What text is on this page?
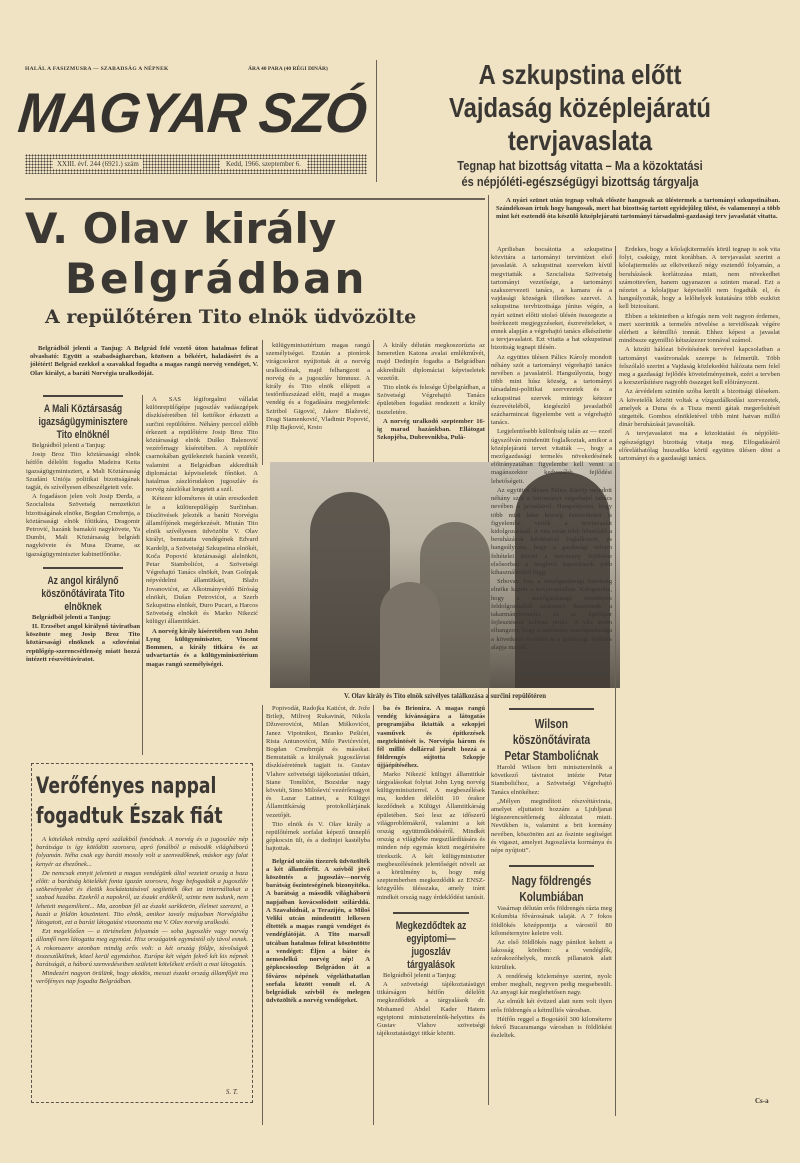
HALÁL A FASIZMUSRA — SZABADSÁG A NÉPNEK	ÁRA 40 PARA (40 RÉGI DINÁR)
MAGYAR SZÓ
XXIII. évf. 244 (6921.) szám	Kedd, 1966. szeptember 6.
A szkupstina előtt
Vajdaság középlejáratú
tervjavaslata
Tegnap hat bizottság vitatta – Ma a közoktatási
és népjóléti-egészségügyi bizottság tárgyalja
V. Olav király
Belgrádban
A repülőtéren Tito elnök üdvözölte
Belgrádból jelenti a Tanjug: A Belgrád felé vezető úton hatalmas felirat olvasható: Együtt a szabadságharcban, közösen a békéért, haladásért és a jólétért! Belgrád ezekkel a szavakkal fogadta a magas rangú norvég vendéget, V. Olav királyt, a baráti Norvégia uralkodóját.
A Mali Köztársaság igazságügyminisztere Tito elnöknél

Belgrádból jelenti a Tanjug:

Josip Broz Tito köztársasági elnök hétfőn délelőtt fogadta Madeira Keita igazságügyminisztert, a Mali Köztársaság Szudáni Uniója politikai bizottságának tagját, és szívélyesen elbeszélgetett vele.

A fogadáson jelen volt Josip Đerđa, a Szocialista Szövetség nemzetközi bizottságának elnöke, Bogdan Crnobrnja, a köztársasági elnök főtitkára, Dragomir Petrović, hazánk bamakói nagykövete, Ya Dumbi, Mali Köztársaság belgrádi nagykövete és Musa Drame, az igazságügyminiszter kabinetfőnöke.

Az angol királynő köszönőtávirata Tito elnöknek

Belgrádból jelenti a Tanjug:

II. Erzsébet angol királynő táviratban köszönte meg Josip Broz Tito köztársasági elnöknek a szlovéniai repülőgép-szerencsétlenség miatt hozzá intézett részvéttáviratot.

A SAS légiforgalmi vállalat különrepülőgépe jugoszláv vadászgépek díszkíséretében fél kettőkor érkezett a surčini repülőtérre. Néhány perccel előbb érkezett a repülőtérre Josip Broz Tito köztársasági elnök Duško Balenović vezérőrnagy kíséretében. A repülőtér csarnokában gyülekeztek hazánk vezetői, valamint a Belgrádban akkreditált diplomáciai képviseletek főnökei. A hatalmas zászlórudakon jugoszláv és norvég zászlókat lengetett a szél.

Kétezer kilométeres út után ereszkedett le a különrepülőgép Surčinban. Díszlövések jelezték a baráti Norvégia államfőjének megérkezését. Miután Tito elnök szívélyesen üdvözölte V. Olav királyt, bemutatta vendégének Edvard Kardeljt, a Szövetségi Szkupstina elnökét, Koča Popović köztársasági alelnököt, Petar Stambolićot, a Szövetségi Végrehajtó Tanács elnökét, Ivan Gošnjak népvédelmi államtitkárt, Blažo Jovanovićot, az Alkotmányvédő Bíróság elnökét, Dušan Petrovićot, a Szerb Szkupstina elnökét, Đuro Pucart, a Harcos Szövetség elnökét és Marko Nikezić külügyi államtitkárt.

A norvég király kíséretében van John Lyng külügyminiszter, Vincent Bommen, a király titkára és az udvartartás és a külügyminisztérium magas rangú személyiségei.

külügyminisztérium magas rangú személyiségei. Ezután a pionírok virágcsokrot nyújtottak át a norvég uralkodónak, majd felhangzott a norvég és a jugoszláv himnusz. A király és Tito elnök ellépett a testőrdíszszázad előtt, majd a magas vendég és a fogadására megjelentek: Sztribol Gigović, Jakov Blažević, Dragi Stamenković, Vladimir Popović, Filip Bajković, Krsto

A király délután megkoszorúzta az Ismeretlen Katona avalai emlékművét, majd Dedinjén fogadta a Belgrádban akkreditált diplomáciai képviseletek vezetőit.

Tito elnök és felesége Újbelgrádban, a Szövetségi Végrehajtó Tanács épületében fogadást rendezett a király tiszteletére.

A norvég uralkodó szeptember 16-ig marad hazánkban. Ellátogat Szkopjéba, Dubrovnikba, Pulá-
V. Olav király és Tito elnök szívélyes találkozása a surčini repülőtéren

Popivodát, Radojka Katićot, dr. Jože Brilejt, Milivoj Rukavinát, Nikola Džuverovićot, Milan Miškovićot, Janez Vipotnikot, Branko Pešićet, Rista Antunovićot, Milo Pavićevićet, Bogdan Crnobrnját és másokat. Bemutatták a királynak jugoszláviai díszkíséretének tagjait is. Gustav Vlahov szövetségi tájékoztatási titkárt, Stane Tomšičot, Bozsidar nagy követét, Simo Milošević vezérőrnagyot és Lazar Latinet, a Külügyi Államtitkárság protokollárjának vezetőjét.

Tito elnök és V. Olav király a repülőtérnek sorfalat képező ünneplő gépkocsin ült, és a dedinjei kastélyba hajtottak.

Belgrád utcáin tízezrek üdvözölték a két államférfit. A szívből jövő köszöntés a jugoszláv—norvég barátság őszinteségének bizonyítéka. A barátság a második világháború napjaiban kovácsolódott szilárddá. A Szavahídnál, a Terazijén, a Miloš Veliki utcán mindenütt lelkesen éltették a magas rangú vendéget és vendéglátóját. A Tito marsall utcában hatalmas felirat köszöntötte a vendéget: Éljen a bátor és nemeslelkű norvég nép! A gépkocsioszlop Belgrádon át a főváros népének végeláthatatlan sorfala között vonult el. A belgrádiak szívből és melegen üdvözölték a norvég vendégeket.
ba és Brionira. A magas rangú vendég kívánságára a látogatás programjába iktatták a szkopjei vasművek és építkezések megtekintését is. Norvégia három és fél millió dollárral járult hozzá a földrengés sújtotta Szkopje újjáépítéséhez.

Marko Nikezić külügyi államtitkár tárgyalásokat folytat John Lyng norvég külügyminiszterrel. A megbeszélések ma, kedden délelőtt 10 órakor kezdődnek a Külügyi Államtitkárság épületében. Szó lesz az időszerű világproblémákról, valamint a két ország együttműködéséről. Mindkét ország a világbéke megszilárdítására és minden nép egymás közti megértésére törekszik. A két külügyminiszter megbeszélésének jelentőségét növeli az a körülmény is, hogy még szeptemberben megkezdődik az ENSZ-közgyűlés ülésszaka, amely iránt mindkét ország nagy érdeklődést tanúsít.

Megkezdődtek az egyiptomi—jugoszláv tárgyalások

Belgrádból jelenti a Tanjug:

A szövetségi tájékoztatásügyi titkárságon hétfőn délelőtt megkezdődtek a tárgyalások dr. Mohamed Abdel Kader Hatem egyiptomi miniszterelnök-helyettes és Gustav Vlahov szövetségi tájékoztatásügyi titkár között.

Wilson köszönőtávirata Petar Stambolićnak

Harold Wilson brit miniszterelnök a következő táviratot intézte Petar Stambolićhoz, a Szövetségi Végrehajtó Tanács elnökéhez:

„Mélyen megindított részvéttávirata, amelyet eljuttatott hozzám a Ljubljanai légiszerencsétlenség áldozatai miatt. Nevükben is, valamint a brit kormány nevében, köszönöm azt az őszinte segítséget és vigaszt, amelyet Jugoszlávia kormánya és népe nyújtott”.

Nagy földrengés Kolumbiában

Vasárnap délután erős földrengés rázta meg Kolumbia fővárosának talaját. A 7 fokos földlökés középpontja a várostól 80 kilométernyire keletre volt.

Az első földlökés nagy pánikot keltett a lakosság körében: a vendéglők, szórakozóhelyek, mozik pillanatok alatt kiürültek.

A rendőrség közleménye szerint, nyolc ember meghalt, negyven pedig megsebesült. Az anyagi kár meglehetősen nagy.

Az elmúlt két évtized alatt nem volt ilyen erős földrengés a kétmilliós városban.

Hétfőn reggel a Bogotától 300 kilométerre fekvő Bucaramanga városban is földlökést észleltek.

A nyári szünet után tegnap voltak először hangosak az üléstermek a tartományi szkupstinában. Szándékosan írtuk hogy hangosak, mert hat bizottság tartott egyidejűleg ülést, és valamennyi a több mint két esztendő óta készülő középlejáratú tartományi társadalmi-gazdasági terv javaslatát vitatta.

Áprilisban bocsátotta a szkupstina közvitára a tartományi tervintézet első javaslatát. A szkupstinai szerveken kívül megvitatták a Szocialista Szövetség tartományi vezetősége, a tartományi szakszervezeti tanács, a kamara és a vajdasági községek illetékes szervei. A szkupstina tervbizottsága június végén, a nyári szünet előtti utolsó ülésén összegezte a beérkezett megjegyzéseket, észrevételeket, s ennek alapján a végrehajtó tanács elkészítette a tervjavaslatot. Ezt vitatta a hat szkupstinai bizottság tegnapi ülésén.

Az együttes ülésen Pálics Károly mondott néhány szót a tartományi végrehajtó tanács nevében a javaslatról. Hangsúlyozta, hogy több mint húsz község, a tartományi társadalmi-politikai szervezetek és a szkupstinai szervek mintegy kétezer észrevételéből, kiegészítő javaslatból százharmincat figyelembe vett a végrehajtó tanács.

Legjelentősebb különbség talán az — ezzel úgyszólván mindenütt foglalkoztak, amikor a középlejáratú tervet vitatták —, hogy a mezőgazdasági termelés növekedésének előirányzatában figyelembe kell venni a magánszektor kedvezőbb fejlődési lehetőségeit.

Az együttes ülésen Pálics Károly mondott néhány szót a tartományi végrehajtó tanács nevében a javaslatról. Hangsúlyozta, hogy több mint húsz község észrevételeit is figyelembe vették a tervjavaslat kidolgozásánál. A vita során több felszólaló a beruházások kérdésével foglalkozott, és hangsúlyozta, hogy a gazdasági reform feltételei között a tartomány fejlődése elsősorban a meglevő kapacitások jobb kihasználásától függ.

Srbovan Jon, a mezőgazdasági bizottság elnöke kapott a tervjavaslatban. Kifogásolta, hogy a mezőgazdasági termények feldolgozásából származó haszonnak a takarmánytermelés és az építőipar fejlesztésére kellene jutnia. A vita során elhangzott, hogy a tartomány mezőgazdasága a következő években is a gazdasági fejlődés alapja marad.

Érdekes, hogy a kőolajkitermelés körül tegnap is sok vita folyt, csakúgy, mint korábban. A tervjavaslat szerint a kőolajtermelés az elkövetkező négy esztendő folyamán, a beruházások korlátozása miatt, nem növekedhet számottevően, hanem ugyanazon a szinten marad. Ezt a nézetet a kőolajipar képviselői nem fogadták el, és hangsúlyozták, hogy a lelőhelyek kutatására több eszközt kell biztosítani.

Ebben a tekintetben a kifogás nem volt nagyon érdemes, mert szerintük a termelés növelése a tervidőszak végére elérheti a kétmillió tonnát. Ehhez képest a javaslat mindössze egymillió kétszázezer tonnával számol.

A közúti hálózat bővítésének tervével kapcsolatban a tartományi vasútvonalak szerepe is felmerült. Több felszólaló szerint a Vajdaság közlekedési hálózata nem felel meg a gazdasági fejlődés követelményeinek, ezért a tervben a korszerűsítésre nagyobb összeget kell előirányozni.

Az árvédelem szintén szóba került a bizottsági üléseken. A követelők között voltak a vízgazdálkodási szervezetek, amelyek a Duna és a Tisza menti gátak megerősítését sürgették. Gombos elnökletével több mint hatvan millió dinár beruházását javasolták.

A tervjavaslatot ma a közoktatási és népjóléti-egészségügyi bizottság vitatja meg. Elfogadásáról előreláthatólag huszadika körül együttes ülésen dönt a tartományi és a gazdasági tanács.

Cs-a
Verőfényes nappal
fogadtuk Észak fiát

A kötelékek mindig apró szálakból fonódnak. A norvég és a jugoszláv nép barátsága is így kötődött szorosra, apró fonálból a második világháború folyamán. Néha csak egy baráti mosoly volt a szenvedőknek, máskor egy falat kenyér az éhezőnek...

De nemcsak ennyit jelentett a magas vendégünk által vezetett ország a haza előtt: a barátság kötelékét fonta igazán szorosra, hogy befogadták a jugoszláv szökevényeket és életük kockáztatásával segítették őket az internáltakat a szabad hazába. Ezekről a napokról, az északi erdőkről, szinte nem tudunk, nem lehetett megemlíteni... Ma, azonban fél az északi sarkkörön, élelmet szerezni, a hazát a földön köszönteni. Tito elnök, amikor tavaly májusban Norvégiába látogatott, ezt a baráti látogatást viszonozta ma V. Olav norvég uralkodó.

Ezt megelőzően — a történelem folyamán — soha jugoszláv vagy norvég államfő nem látogatta meg egymást. Hisz országaink egymástól oly távol esnek. A rokonszenv azonban mindig erős volt: a két ország földje, távolságok összeszűkülnek, közel kerül egymáshoz. Európa két végén fekvő két kis népnek barátságát, a háború szenvedéseiben született kötelékeit erősíti a mai látogatás.

Mindezért nagyon örülünk, hogy aködös, messzi északi ország államfőjét ma verőfényes nap fogadta Belgrádban.

S. T.
